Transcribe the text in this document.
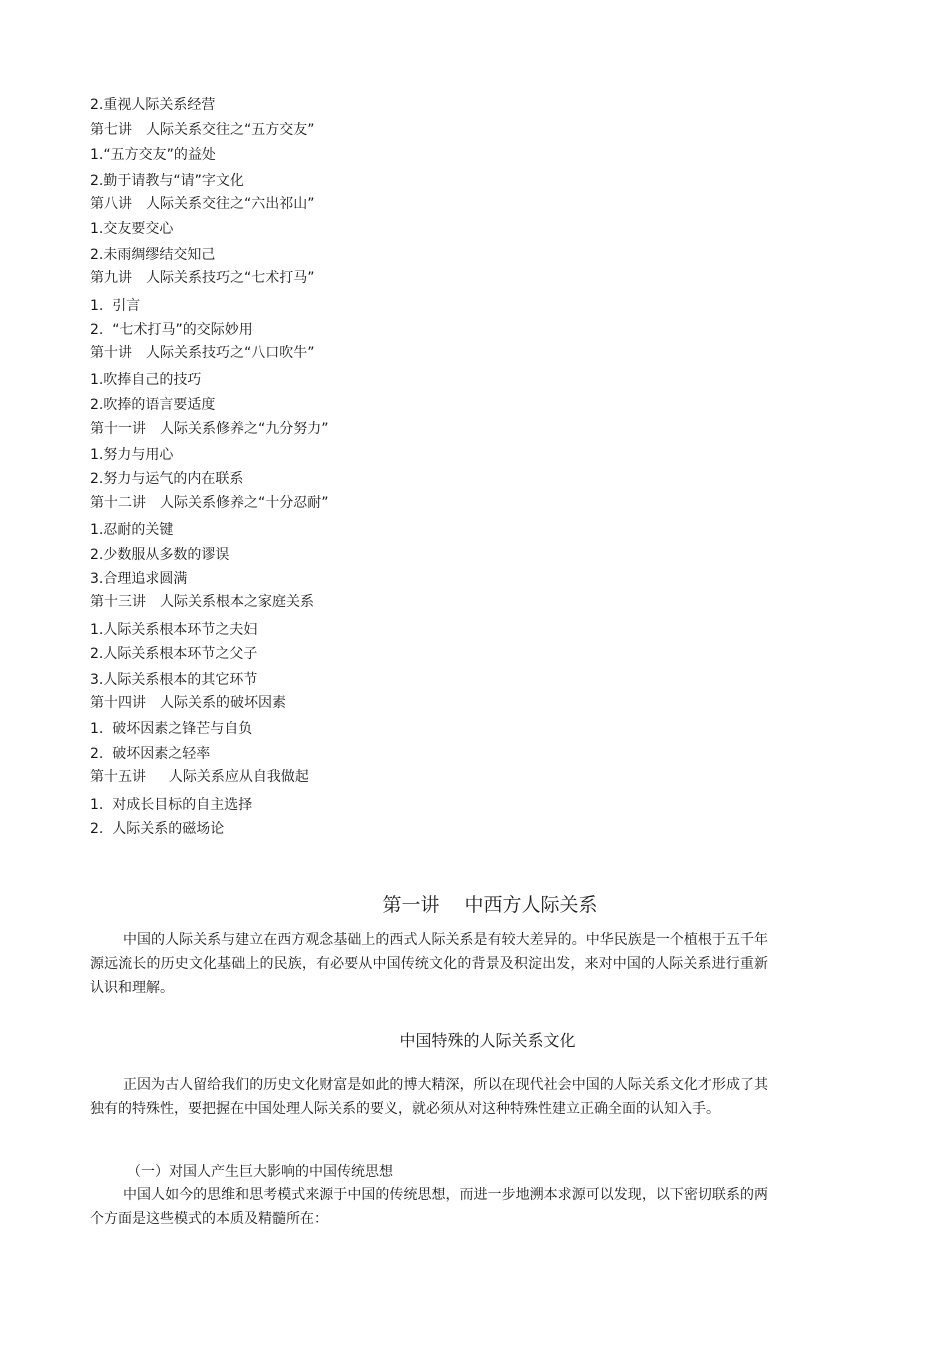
2.重视人际关系经营
第七讲　人际关系交往之“五方交友”
1.“五方交友”的益处
2.勤于请教与“请”字文化
第八讲　人际关系交往之“六出祁山”
1.交友要交心
2.未雨绸缪结交知己
第九讲　人际关系技巧之“七术打马”
1.  引言
2.  “七术打马”的交际妙用
第十讲　人际关系技巧之“八口吹牛”
1.吹捧自己的技巧
2.吹捧的语言要适度
第十一讲　人际关系修养之“九分努力”
1.努力与用心
2.努力与运气的内在联系
第十二讲　人际关系修养之“十分忍耐”
1.忍耐的关键
2.少数服从多数的谬误
3.合理追求圆满
第十三讲　人际关系根本之家庭关系
1.人际关系根本环节之夫妇
2.人际关系根本环节之父子
3.人际关系根本的其它环节
第十四讲　人际关系的破坏因素
1.  破坏因素之锋芒与自负
2.  破坏因素之轻率
第十五讲　  人际关系应从自我做起
1.  对成长目标的自主选择
2.  人际关系的磁场论
第一讲　 中西方人际关系

中国的人际关系与建立在西方观念基础上的西式人际关系是有较大差异的。中华民族是一个植根于五千年源远流长的历史文化基础上的民族，有必要从中国传统文化的背景及积淀出发，来对中国的人际关系进行重新认识和理解。

中国特殊的人际关系文化

正因为古人留给我们的历史文化财富是如此的博大精深，所以在现代社会中国的人际关系文化才形成了其独有的特殊性，要把握在中国处理人际关系的要义，就必须从对这种特殊性建立正确全面的认知入手。

（一）对国人产生巨大影响的中国传统思想

中国人如今的思维和思考模式来源于中国的传统思想，而进一步地溯本求源可以发现，以下密切联系的两个方面是这些模式的本质及精髓所在：
